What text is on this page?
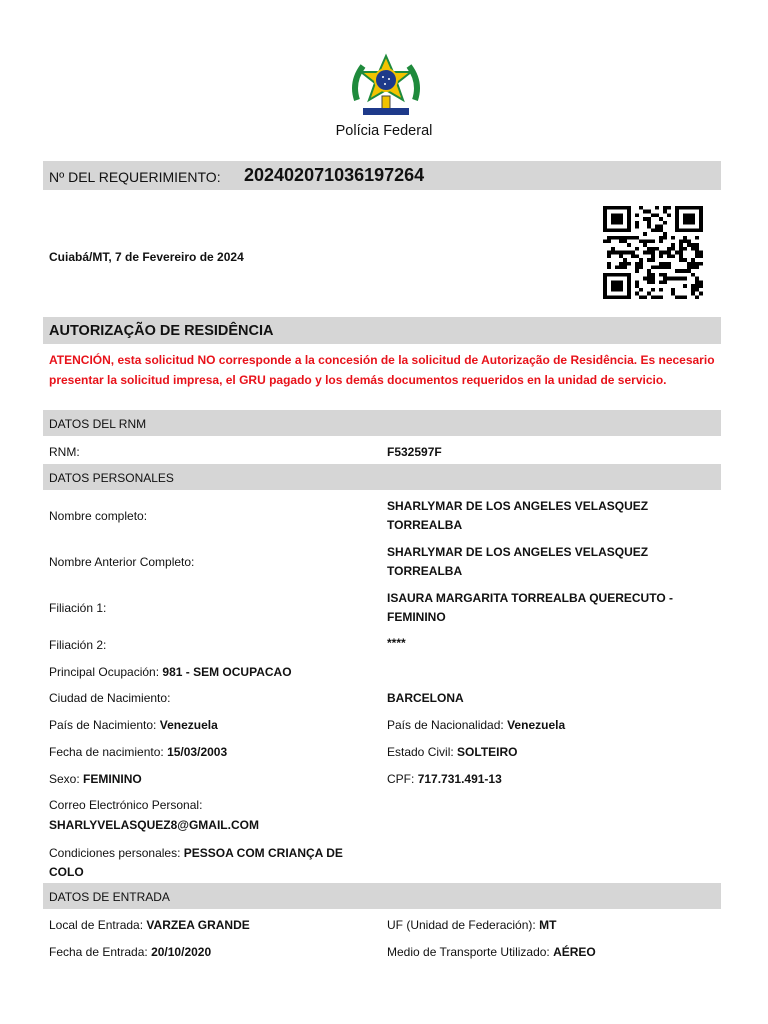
Polícia Federal
Nº DEL REQUERIMIENTO: 202402071036197264
Cuiabá/MT, 7 de Fevereiro de 2024
AUTORIZAÇÃO DE RESIDÊNCIA
ATENCIÓN, esta solicitud NO corresponde a la concesión de la solicitud de Autorização de Residência. Es necesario presentar la solicitud impresa, el GRU pagado y los demás documentos requeridos en la unidad de servicio.
DATOS DEL RNM
RNM:	F532597F
DATOS PERSONALES
Nombre completo:
SHARLYMAR DE LOS ANGELES VELASQUEZ TORREALBA
Nombre Anterior Completo:
SHARLYMAR DE LOS ANGELES VELASQUEZ TORREALBA
Filiación 1:
ISAURA MARGARITA TORREALBA QUERECUTO - FEMININO
Filiación 2:	****
Principal Ocupación: 981 - SEM OCUPACAO
Ciudad de Nacimiento:	BARCELONA
País de Nacimiento: Venezuela	País de Nacionalidad: Venezuela
Fecha de nacimiento: 15/03/2003	Estado Civil: SOLTEIRO
Sexo: FEMININO	CPF: 717.731.491-13
Correo Electrónico Personal:
SHARLYVELASQUEZ8@GMAIL.COM
Condiciones personales: PESSOA COM CRIANÇA DE COLO
DATOS DE ENTRADA
Local de Entrada: VARZEA GRANDE	UF (Unidad de Federación): MT
Fecha de Entrada: 20/10/2020	Medio de Transporte Utilizado: AÉREO
